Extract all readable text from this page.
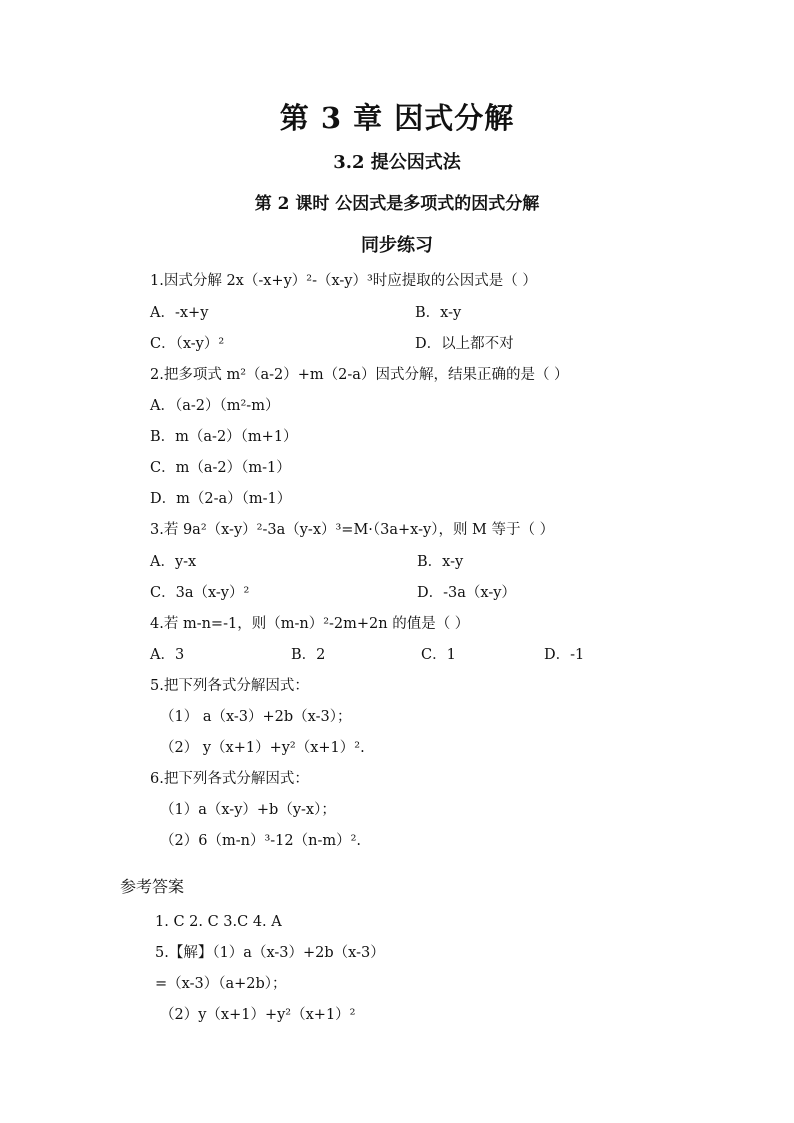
第 3 章 因式分解
3.2 提公因式法
第 2 课时 公因式是多项式的因式分解
同步练习
1.因式分解 2x（-x+y）²-（x-y）³时应提取的公因式是（ ）
A．-x+y	B．x-y
C．（x-y）²	D．以上都不对
2.把多项式 m²（a-2）+m（2-a）因式分解，结果正确的是（ ）
A．（a-2）（m²-m）
B．m（a-2）（m+1）
C．m（a-2）（m-1）
D．m（2-a）（m-1）
3.若 9a²（x-y）²-3a（y-x）³=M·（3a+x-y），则 M 等于（ ）
A．y-x	B．x-y
C．3a（x-y）²	D．-3a（x-y）
4.若 m-n=-1，则（m-n）²-2m+2n 的值是（ ）
A．3	B．2	C．1	D．-1
5.把下列各式分解因式：
（1） a（x-3）+2b（x-3）；
（2） y（x+1）+y²（x+1）².
6.把下列各式分解因式：
（1）a（x-y）+b（y-x）；
（2）6（m-n）³-12（n-m）².
参考答案
1. C 2. C 3.C 4. A
5.【解】（1）a（x-3）+2b（x-3）
=（x-3）（a+2b）；
（2）y（x+1）+y²（x+1）²
